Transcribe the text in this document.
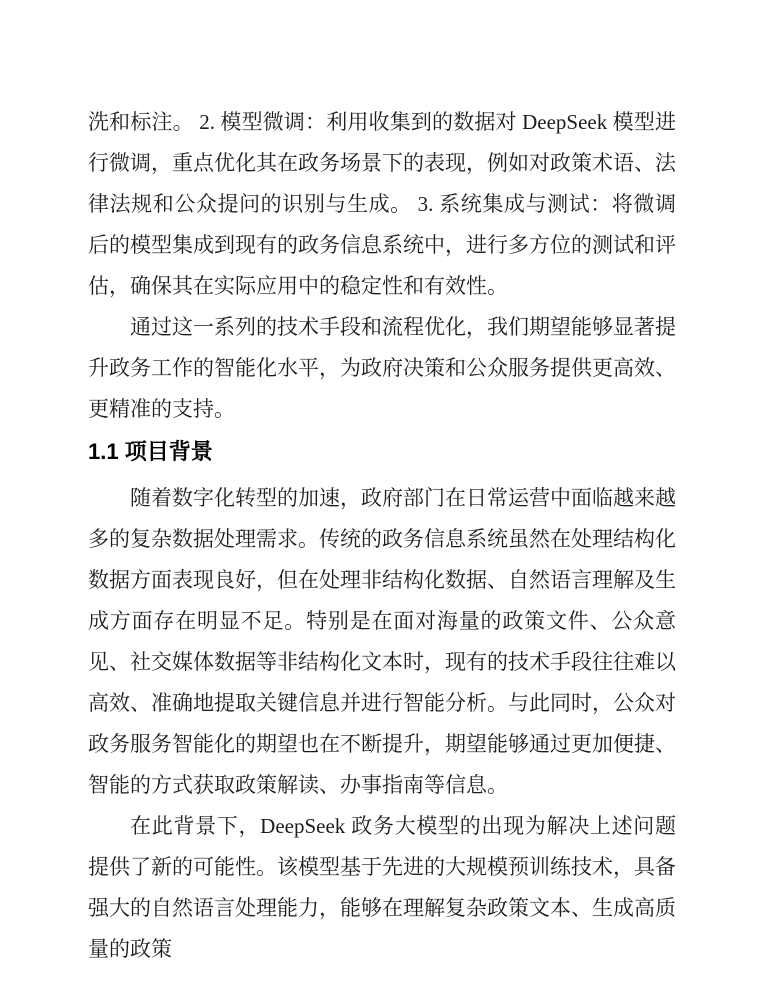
洗和标注。 2. 模型微调：利用收集到的数据对 DeepSeek 模型进行微调，重点优化其在政务场景下的表现，例如对政策术语、法律法规和公众提问的识别与生成。 3. 系统集成与测试：将微调后的模型集成到现有的政务信息系统中，进行多方位的测试和评估，确保其在实际应用中的稳定性和有效性。

通过这一系列的技术手段和流程优化，我们期望能够显著提升政务工作的智能化水平，为政府决策和公众服务提供更高效、更精准的支持。

1.1 项目背景

随着数字化转型的加速，政府部门在日常运营中面临越来越多的复杂数据处理需求。传统的政务信息系统虽然在处理结构化数据方面表现良好，但在处理非结构化数据、自然语言理解及生成方面存在明显不足。特别是在面对海量的政策文件、公众意见、社交媒体数据等非结构化文本时，现有的技术手段往往难以高效、准确地提取关键信息并进行智能分析。与此同时，公众对政务服务智能化的期望也在不断提升，期望能够通过更加便捷、智能的方式获取政策解读、办事指南等信息。

在此背景下，DeepSeek 政务大模型的出现为解决上述问题提供了新的可能性。该模型基于先进的大规模预训练技术，具备强大的自然语言处理能力，能够在理解复杂政策文本、生成高质量的政策
